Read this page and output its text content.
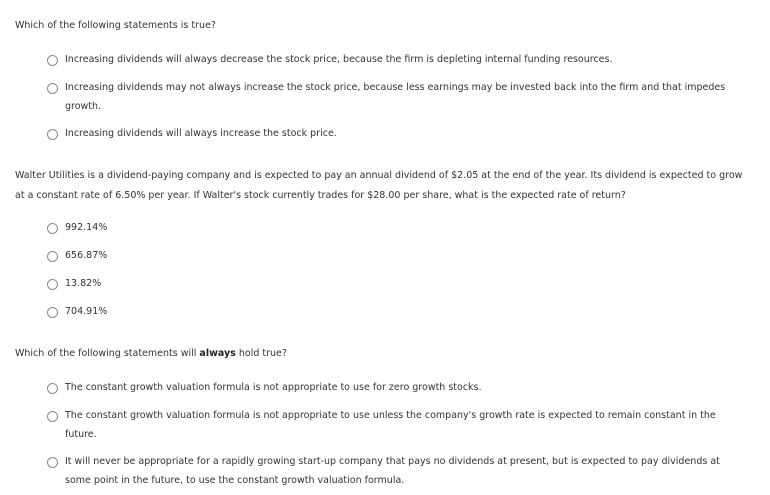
Which of the following statements is true?
Increasing dividends will always decrease the stock price, because the firm is depleting internal funding resources.
Increasing dividends may not always increase the stock price, because less earnings may be invested back into the firm and that impedes growth.
Increasing dividends will always increase the stock price.
Walter Utilities is a dividend-paying company and is expected to pay an annual dividend of $2.05 at the end of the year. Its dividend is expected to grow at a constant rate of 6.50% per year. If Walter's stock currently trades for $28.00 per share, what is the expected rate of return?
992.14%
656.87%
13.82%
704.91%
Which of the following statements will always hold true?
The constant growth valuation formula is not appropriate to use for zero growth stocks.
The constant growth valuation formula is not appropriate to use unless the company's growth rate is expected to remain constant in the future.
It will never be appropriate for a rapidly growing start-up company that pays no dividends at present, but is expected to pay dividends at some point in the future, to use the constant growth valuation formula.
